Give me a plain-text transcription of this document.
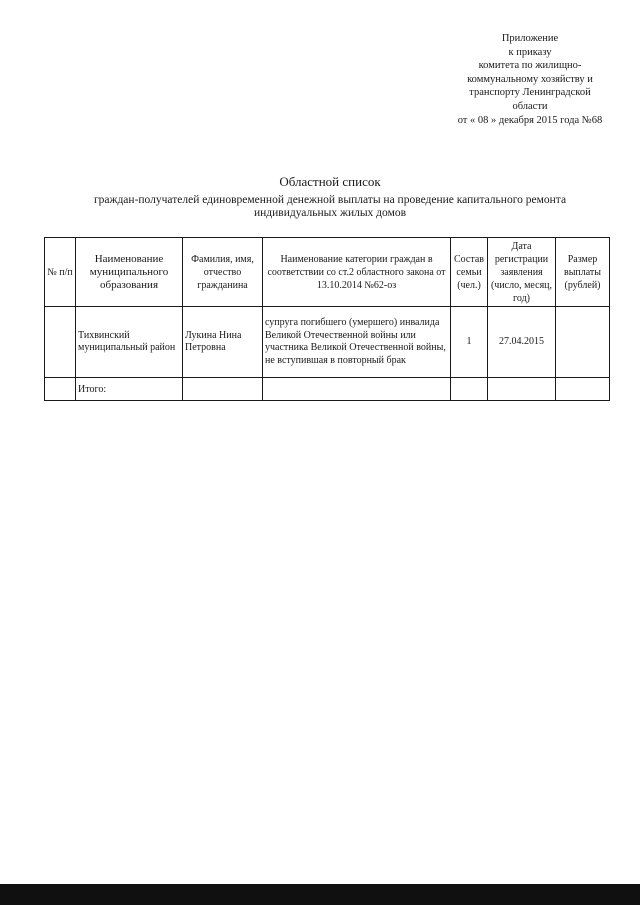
Приложение
к приказу
комитета по жилищно-
коммунальному хозяйству и
транспорту Ленинградской
области
от « 08 » декабря 2015 года №68
Областной список
граждан-получателей единовременной денежной выплаты на проведение капитального ремонта индивидуальных жилых домов
№ п/п	Наименование муниципального образования	Фамилия, имя, отчество гражданина	Наименование категории граждан в соответствии со ст.2 областного закона от 13.10.2014 №62-оз	Состав семьи (чел.)	Дата регистрации заявления (число, месяц, год)	Размер выплаты (рублей)
	Тихвинский муниципальный район	Лукина Нина Петровна	супруга погибшего (умершего) инвалида Великой Отечественной войны или участника Великой Отечественной войны, не вступившая в повторный брак	1	27.04.2015	
	Итого:					
